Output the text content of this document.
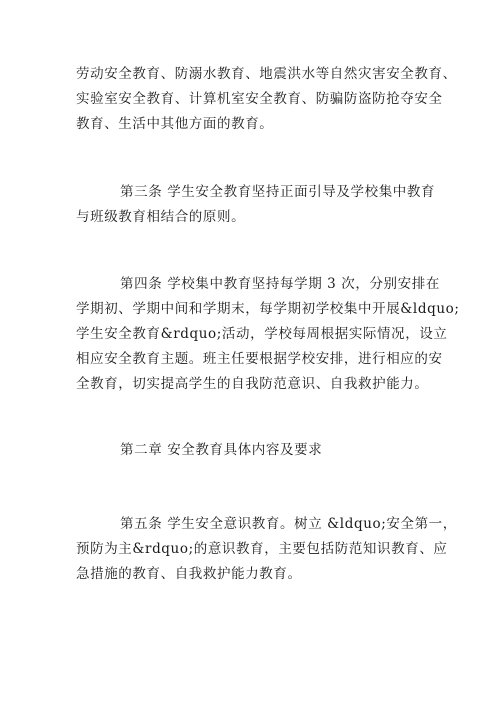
劳动安全教育、防溺水教育、地震洪水等自然灾害安全教育、
实验室安全教育、计算机室安全教育、防骗防盗防抢夺安全
教育、生活中其他方面的教育。
第三条 学生安全教育坚持正面引导及学校集中教育
与班级教育相结合的原则。
第四条 学校集中教育坚持每学期 3 次，分别安排在
学期初、学期中间和学期末，每学期初学校集中开展&ldquo;
学生安全教育&rdquo;活动，学校每周根据实际情况，设立
相应安全教育主题。班主任要根据学校安排，进行相应的安
全教育，切实提高学生的自我防范意识、自我救护能力。
第二章 安全教育具体内容及要求
第五条 学生安全意识教育。树立 &ldquo;安全第一，
预防为主&rdquo;的意识教育，主要包括防范知识教育、应
急措施的教育、自我救护能力教育。
